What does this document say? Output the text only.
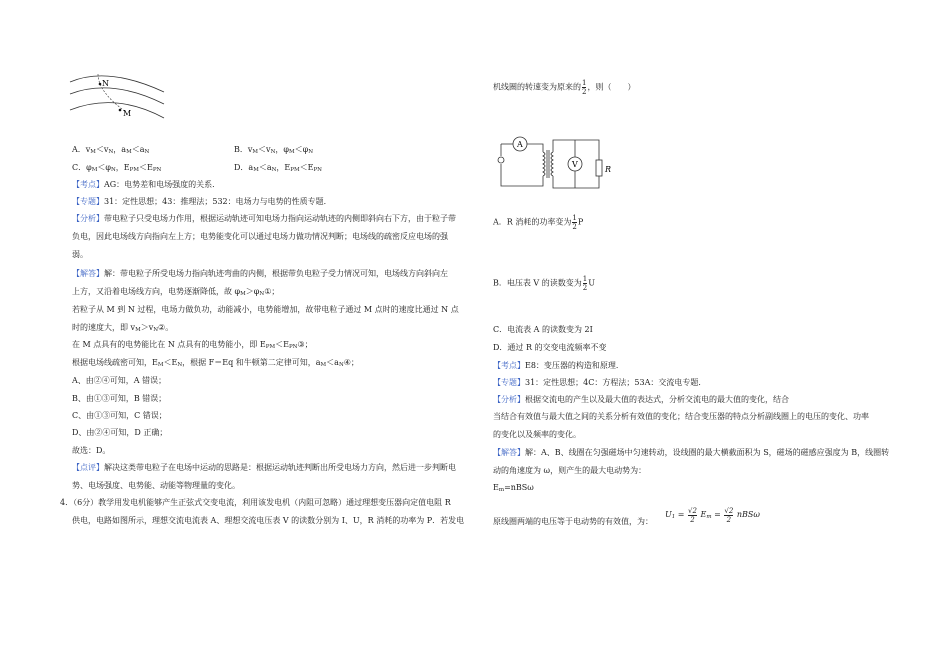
N
M
A．$v_M<v_N$，$a_M<a_N$	B．$v_M<v_N$，$\varphi_M<\varphi_N$
C．$\varphi_M<\varphi_N$，$E_{PM}<E_{PN}$	D．$a_M<a_N$，$E_{PM}<E_{PN}$
【考点】AG：电势差和电场强度的关系．
【专题】31：定性思想；43：推理法；532：电场力与电势的性质专题．
【分析】带电粒子只受电场力作用，根据运动轨迹可知电场力指向运动轨迹的内侧即斜向右下方，由于粒子带
负电，因此电场线方向指向左上方；电势能变化可以通过电场力做功情况判断；电场线的疏密反应电场的强
弱。
【解答】解：带电粒子所受电场力指向轨迹弯曲的内侧，根据带负电粒子受力情况可知，电场线方向斜向左
上方，又沿着电场线方向，电势逐渐降低，故 $\varphi_M>\varphi_N①$；
若粒子从 M 到 N 过程，电场力做负功，动能减小，电势能增加，故带电粒子通过 M 点时的速度比通过 N 点
时的速度大，即 $v_M>v_N②$。
在 M 点具有的电势能比在 N 点具有的电势能小，即 $E_{PM}<E_{PN}③$；
根据电场线疏密可知，$E_M<E_N$，根据 F＝Eq 和牛顿第二定律可知，$a_M<a_N④$；
A、由②④可知，A 错误；
B、由①③可知，B 错误；
C、由①③可知，C 错误；
D、由②④可知，D 正确；
故选：D。
【点评】解决这类带电粒子在电场中运动的思路是：根据运动轨迹判断出所受电场力方向，然后进一步判断电
势、电场强度、电势能、动能等物理量的变化。
4．（6分）教学用发电机能够产生正弦式交变电流，利用该发电机（内阻可忽略）通过理想变压器向定值电阻 R
供电，电路如图所示，理想交流电流表 A、理想交流电压表 V 的读数分别为 I、U，R 消耗的功率为 P．若发电
机线圈的转速变为原来的 $\frac{1}{2}$ ，则（　　）
A
V
R
A．R 消耗的功率变为 $\frac{1}{2}$ P
B．电压表 V 的读数变为 $\frac{1}{2}$ U
C．电流表 A 的读数变为 2I
D．通过 R 的交变电流频率不变
【考点】E8：变压器的构造和原理．
【专题】31：定性思想；4C：方程法；53A：交流电专题．
【分析】根据交流电的产生以及最大值的表达式，分析交流电的最大值的变化，结合
当结合有效值与最大值之间的关系分析有效值的变化；结合变压器的特点分析副线圈上的电压的变化、功率
的变化以及频率的变化。
【解答】解：A、B、线圈在匀强磁场中匀速转动，设线圈的最大横截面积为 S，磁场的磁感应强度为 B，线圈转
动的角速度为 ω，则产生的最大电动势为：
$E_m=nBS\omega$
原线圈两端的电压等于电动势的有效值，为：
$U_1 = \frac{√2}{2} E_m = \frac{√2}{2}$ nBSω
